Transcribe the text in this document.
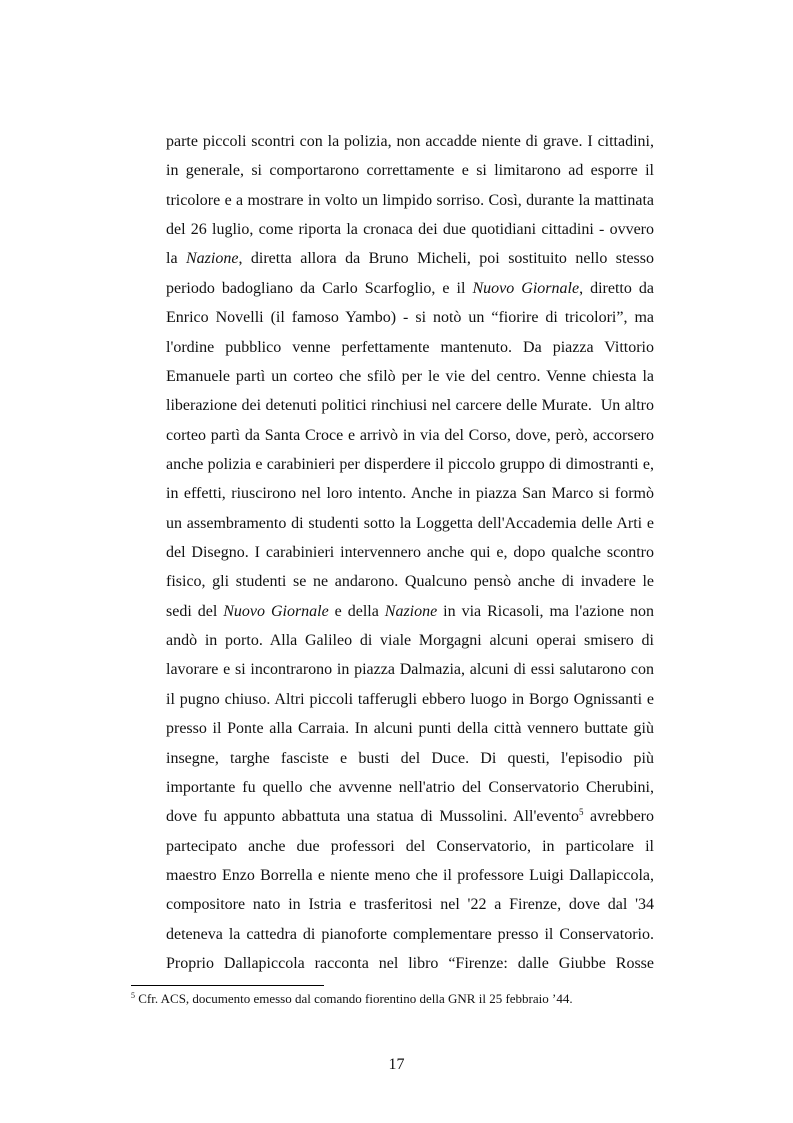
parte piccoli scontri con la polizia, non accadde niente di grave. I cittadini,
in generale, si comportarono correttamente e si limitarono ad esporre il
tricolore e a mostrare in volto un limpido sorriso. Così, durante la mattinata
del 26 luglio, come riporta la cronaca dei due quotidiani cittadini - ovvero
la Nazione, diretta allora da Bruno Micheli, poi sostituito nello stesso
periodo badogliano da Carlo Scarfoglio, e il Nuovo Giornale, diretto da
Enrico Novelli (il famoso Yambo) - si notò un “fiorire di tricolori”, ma
l'ordine pubblico venne perfettamente mantenuto. Da piazza Vittorio
Emanuele partì un corteo che sfilò per le vie del centro. Venne chiesta la
liberazione dei detenuti politici rinchiusi nel carcere delle Murate.  Un altro
corteo partì da Santa Croce e arrivò in via del Corso, dove, però, accorsero
anche polizia e carabinieri per disperdere il piccolo gruppo di dimostranti e,
in effetti, riuscirono nel loro intento. Anche in piazza San Marco si formò
un assembramento di studenti sotto la Loggetta dell'Accademia delle Arti e
del Disegno. I carabinieri intervennero anche qui e, dopo qualche scontro
fisico, gli studenti se ne andarono. Qualcuno pensò anche di invadere le
sedi del Nuovo Giornale e della Nazione in via Ricasoli, ma l'azione non
andò in porto. Alla Galileo di viale Morgagni alcuni operai smisero di
lavorare e si incontrarono in piazza Dalmazia, alcuni di essi salutarono con
il pugno chiuso. Altri piccoli tafferugli ebbero luogo in Borgo Ognissanti e
presso il Ponte alla Carraia. In alcuni punti della città vennero buttate giù
insegne, targhe fasciste e busti del Duce. Di questi, l'episodio più
importante fu quello che avvenne nell'atrio del Conservatorio Cherubini,
dove fu appunto abbattuta una statua di Mussolini. All'evento$^5$ avrebbero
partecipato anche due professori del Conservatorio, in particolare il
maestro Enzo Borrella e niente meno che il professore Luigi Dallapiccola,
compositore nato in Istria e trasferitosi nel '22 a Firenze, dove dal '34
deteneva la cattedra di pianoforte complementare presso il Conservatorio.
Proprio Dallapiccola racconta nel libro “Firenze: dalle Giubbe Rosse
$^5$ Cfr. ACS, documento emesso dal comando fiorentino della GNR il 25 febbraio ’44.
17
